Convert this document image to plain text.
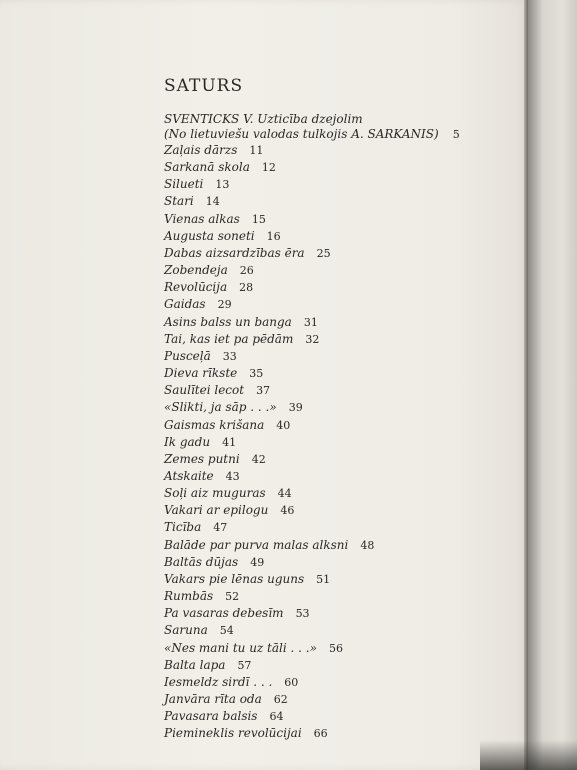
SATURS
SVENTICKS V. Uzticība dzejolim
(No lietuviešu valodas tulkojis A. SARKANIS) 5
Zaļais dārzs 11
Sarkanā skola 12
Silueti 13
Stari 14
Vienas alkas 15
Augusta soneti 16
Dabas aizsardzības ēra 25
Zobendeja 26
Revolūcija 28
Gaidas 29
Asins balss un banga 31
Tai, kas iet pa pēdām 32
Pusceļā 33
Dieva rīkste 35
Saulītei lecot 37
«Slikti, ja sāp . . .» 39
Gaismas krišana 40
Ik gadu 41
Zemes putni 42
Atskaite 43
Soļi aiz muguras 44
Vakari ar epilogu 46
Ticība 47
Balāde par purva malas alksni 48
Baltās dūjas 49
Vakars pie lēnas uguns 51
Rumbās 52
Pa vasaras debesīm 53
Saruna 54
«Nes mani tu uz tāli . . .» 56
Balta lapa 57
Iesmeldz sirdī . . . 60
Janvāra rīta oda 62
Pavasara balsis 64
Piemineklis revolūcijai 66
